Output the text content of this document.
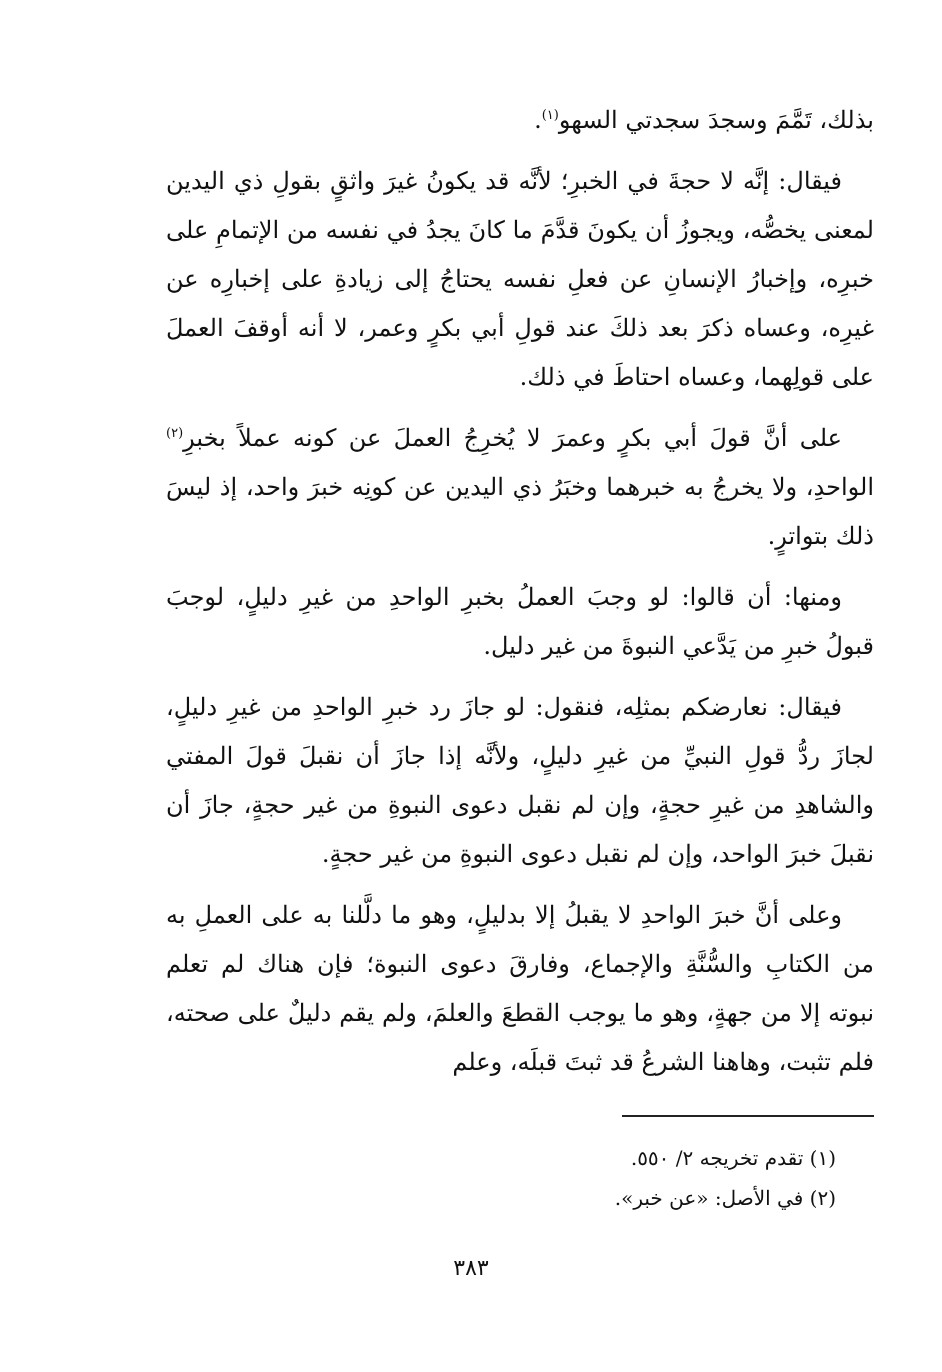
بذلك، تَمَّمَ وسجدَ سجدتي السهو$^{(١)}$.

فيقال: إنَّه لا حجةَ في الخبرِ؛ لأنَّه قد يكونُ غيرَ واثقٍ بقولِ ذي اليدين لمعنى يخصُّه، ويجوزُ أن يكونَ قدَّمَ ما كانَ يجدُ في نفسه من الإتمامِ على خبرِه، وإخبارُ الإنسانِ عن فعلِ نفسه يحتاجُ إلى زيادةِ على إخبارِه عن غيرِه، وعساه ذكرَ بعد ذلكَ عند قولِ أبي بكرٍ وعمر، لا أنه أوقفَ العملَ على قولِهما، وعساه احتاطَ في ذلك.

على أنَّ قولَ أبي بكرٍ وعمرَ لا يُخرِجُ العملَ عن كونه عملاً بخبرِ$^{(٢)}$ الواحدِ، ولا يخرجُ به خبرهما وخبَرُ ذي اليدين عن كونِه خبرَ واحد، إذ ليسَ ذلك بتواترٍ.

ومنها: أن قالوا: لو وجبَ العملُ بخبرِ الواحدِ من غيرِ دليلٍ، لوجبَ قبولُ خبرِ من يَدَّعي النبوةَ من غير دليل.

فيقال: نعارضكم بمثلِه، فنقول: لو جازَ رد خبرِ الواحدِ من غيرِ دليلٍ، لجازَ ردُّ قولِ النبيِّ من غيرِ دليلٍ، ولأنَّه إذا جازَ أن نقبلَ قولَ المفتي والشاهدِ من غيرِ حجةٍ، وإن لم نقبل دعوى النبوةِ من غير حجةٍ، جازَ أن نقبلَ خبرَ الواحد، وإن لم نقبل دعوى النبوةِ من غير حجةٍ.

وعلى أنَّ خبرَ الواحدِ لا يقبلُ إلا بدليلٍ، وهو ما دلَّلنا به على العملِ به من الكتابِ والسُّنَّةِ والإجماع، وفارقَ دعوى النبوة؛ فإن هناك لم تعلم نبوته إلا من جهةٍ، وهو ما يوجب القطعَ والعلمَ، ولم يقم دليلٌ على صحته، فلم تثبت، وهاهنا الشرعُ قد ثبتَ قبلَه، وعلم

(١) تقدم تخريجه ٢/ ٥٥٠.

(٢) في الأصل: «عن خبر».

٣٨٣
